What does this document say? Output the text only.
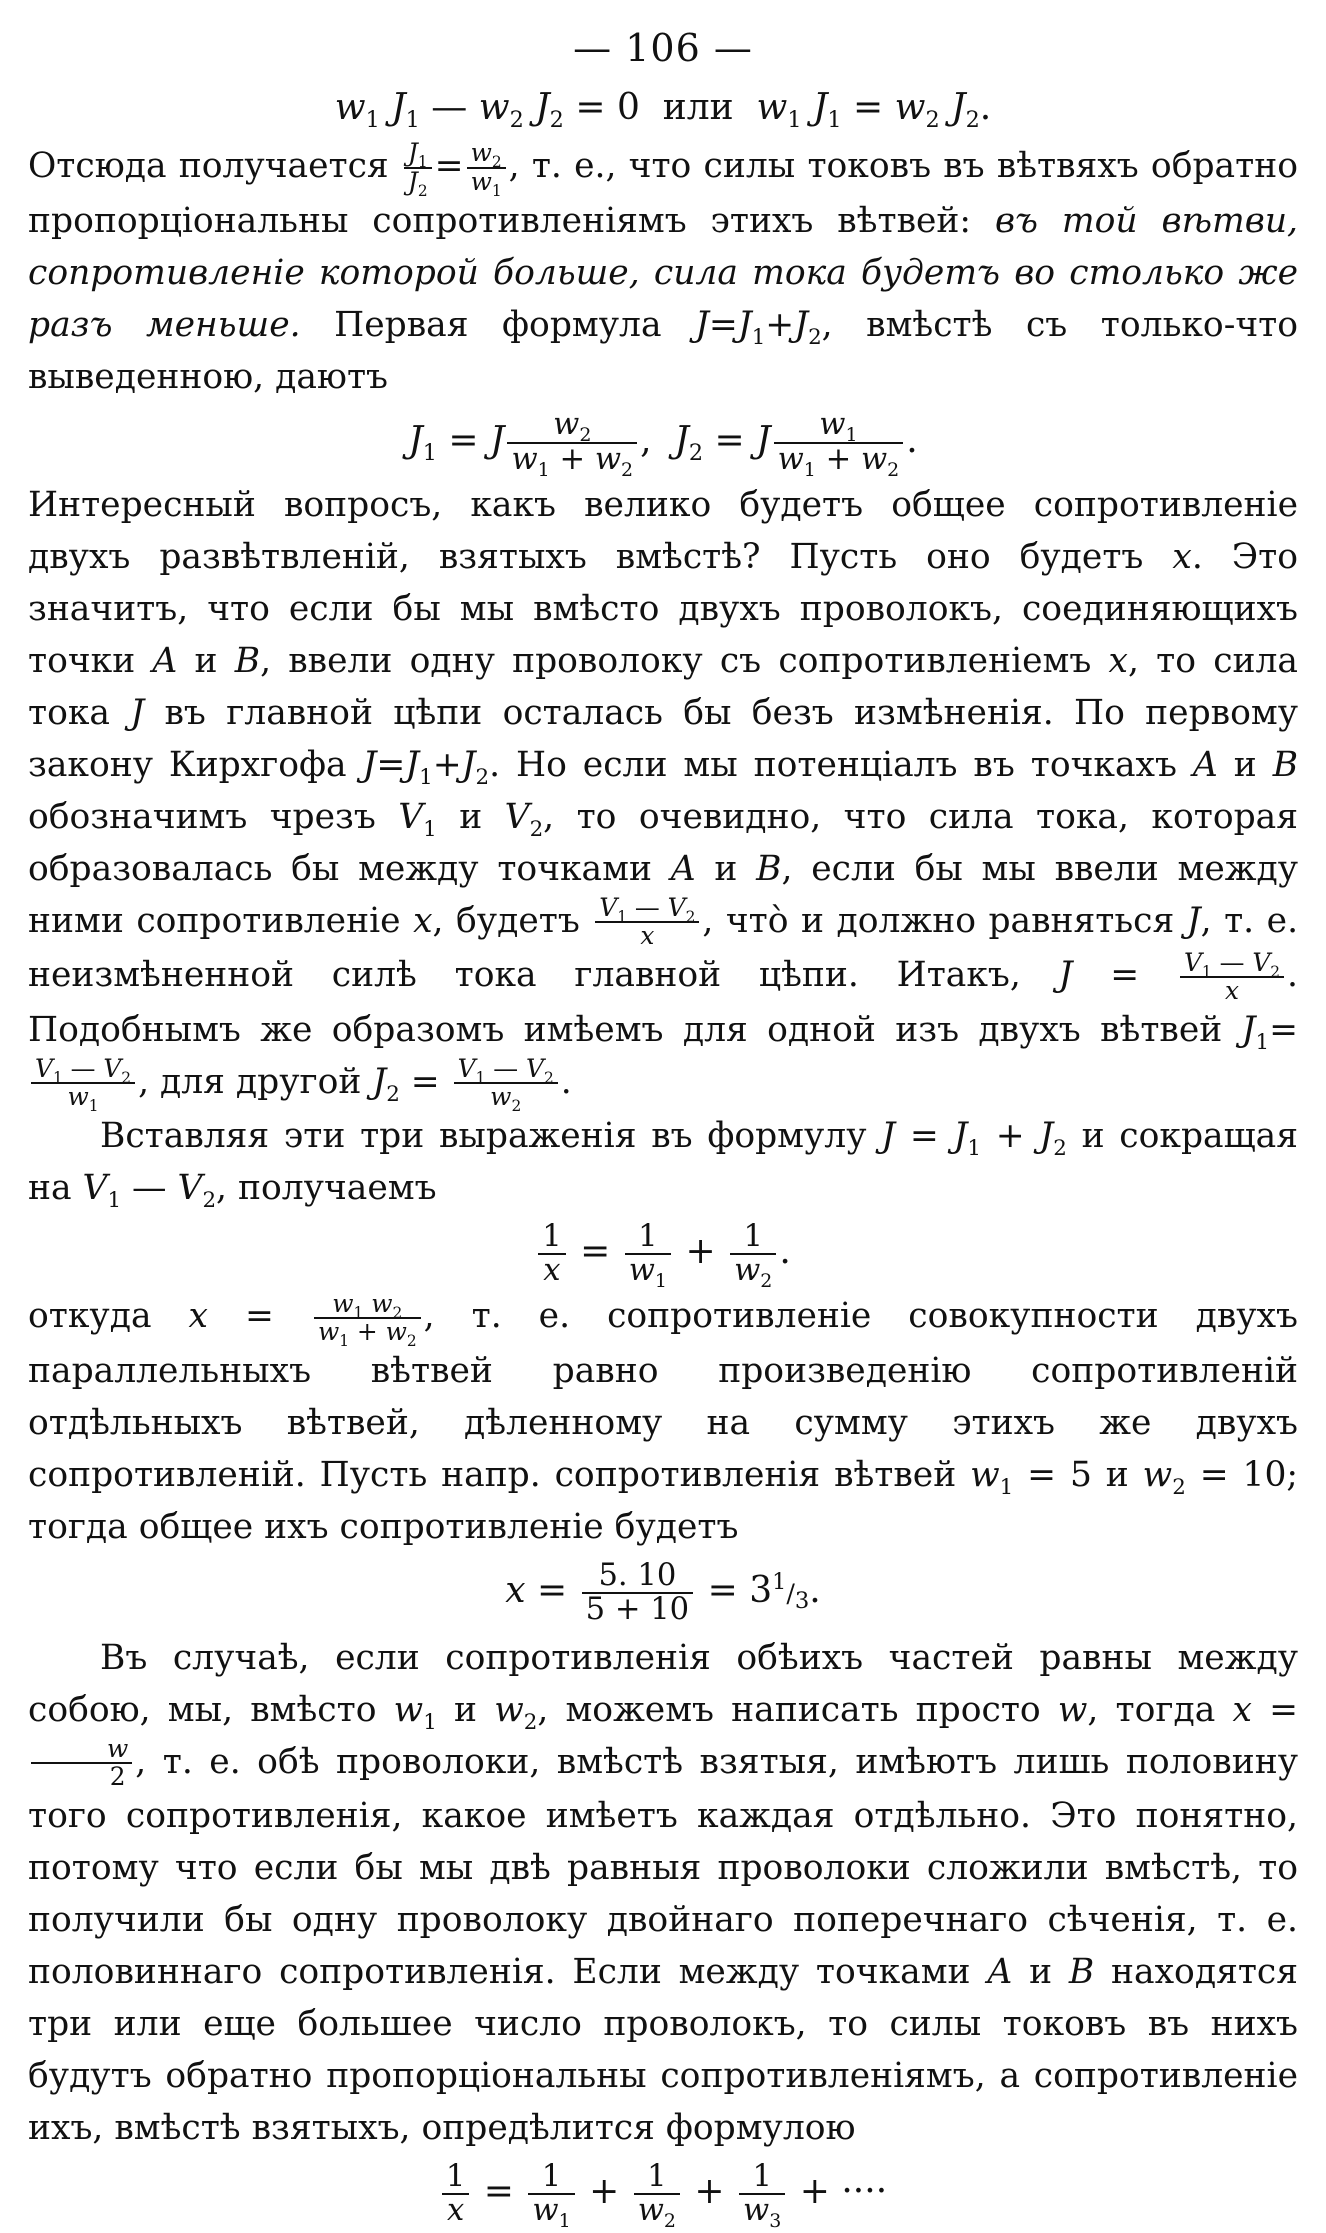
— 106 —
$w_1$ $J_1$ — $w_2$ $J_2 = 0$ или $w_1$ $J_1 = w_2$ $J_2$.

Отсюда получается $\frac{J_1}{J_2} = \frac{w_2}{w_1}$ , т. е., что силы токовъ въ вѣтвяхъ обратно пропорціональны сопротивленіямъ этихъ вѣтвей: въ той вѣтви, сопротивленіе которой больше, сила тока будетъ во столько же разъ меньше. Первая формула $J=J_1+J_2$, вмѣстѣ съ только-что выведенною, даютъ

$J_1 = J \frac{w_2}{w_1 + w_2}$ ,  $J_2 = J \frac{w_1}{w_1 + w_2}$ .

Интересный вопросъ, какъ велико будетъ общее сопротивленіе двухъ развѣтвленій, взятыхъ вмѣстѣ? Пусть оно будетъ x. Это значитъ, что если бы мы вмѣсто двухъ проволокъ, соединяющихъ точки A и B, ввели одну проволоку съ сопротивленіемъ x, то сила тока J въ главной цѣпи осталась бы безъ измѣненія. По первому закону Кирхгофа $J=J_1+J_2$. Но если мы потенціалъ въ точкахъ A и B обозначимъ чрезъ $V_1$ и $V_2$, то очевидно, что сила тока, которая образовалась бы между точками A и B, если бы мы ввели между ними сопротивленіе x, будетъ $\frac{V_1 — V_2}{x}$ , что̀ и должно равняться J, т. е. неизмѣненной силѣ тока главной цѣпи. Итакъ, $J = \frac{V_1 — V_2}{x}$ . Подобнымъ же образомъ имѣемъ для одной изъ двухъ вѣтвей $J_1=$
$\frac{V_1 — V_2}{w_1}$ , для другой $J_2 = \frac{V_1 — V_2}{w_2}$ .

Вставляя эти три выраженія въ формулу $J = J_1 + J_2$ и сокращая на $V_1$ — $V_2$, получаемъ

$\frac{1}{x} = \frac{1}{w_1} + \frac{1}{w_2}$ .

откуда $x = \frac{w_1 w_2}{w_1 + w_2}$ , т. е. сопротивленіе совокупности двухъ параллельныхъ вѣтвей равно произведенію сопротивленій отдѣльныхъ вѣтвей, дѣленному на сумму этихъ же двухъ сопротивленій. Пусть напр. сопротивленія вѣтвей $w_1 = 5$ и $w_2 = 10$; тогда общее ихъ сопротивленіе будетъ

$x = \frac{5. 10}{5 + 10} = 3^1/_3$.

Въ случаѣ, если сопротивленія обѣихъ частей равны между собою, мы, вмѣсто $w_1$ и $w_2$, можемъ написать просто w, тогда x =
$\frac{w}{2}$ , т. е. обѣ проволоки, вмѣстѣ взятыя, имѣютъ лишь половину того сопротивленія, какое имѣетъ каждая отдѣльно. Это понятно, потому что если бы мы двѣ равныя проволоки сложили вмѣстѣ, то получили бы одну проволоку двойнаго поперечнаго сѣченія, т. е. половиннаго сопротивленія. Если между точками A и B находятся три или еще большее число проволокъ, то силы токовъ въ нихъ будутъ обратно пропорціональны сопротивленіямъ, а сопротивленіе ихъ, вмѣстѣ взятыхъ, опредѣлится формулою

$\frac{1}{x} = \frac{1}{w_1} + \frac{1}{w_2} + \frac{1}{w_3}$ + ····
